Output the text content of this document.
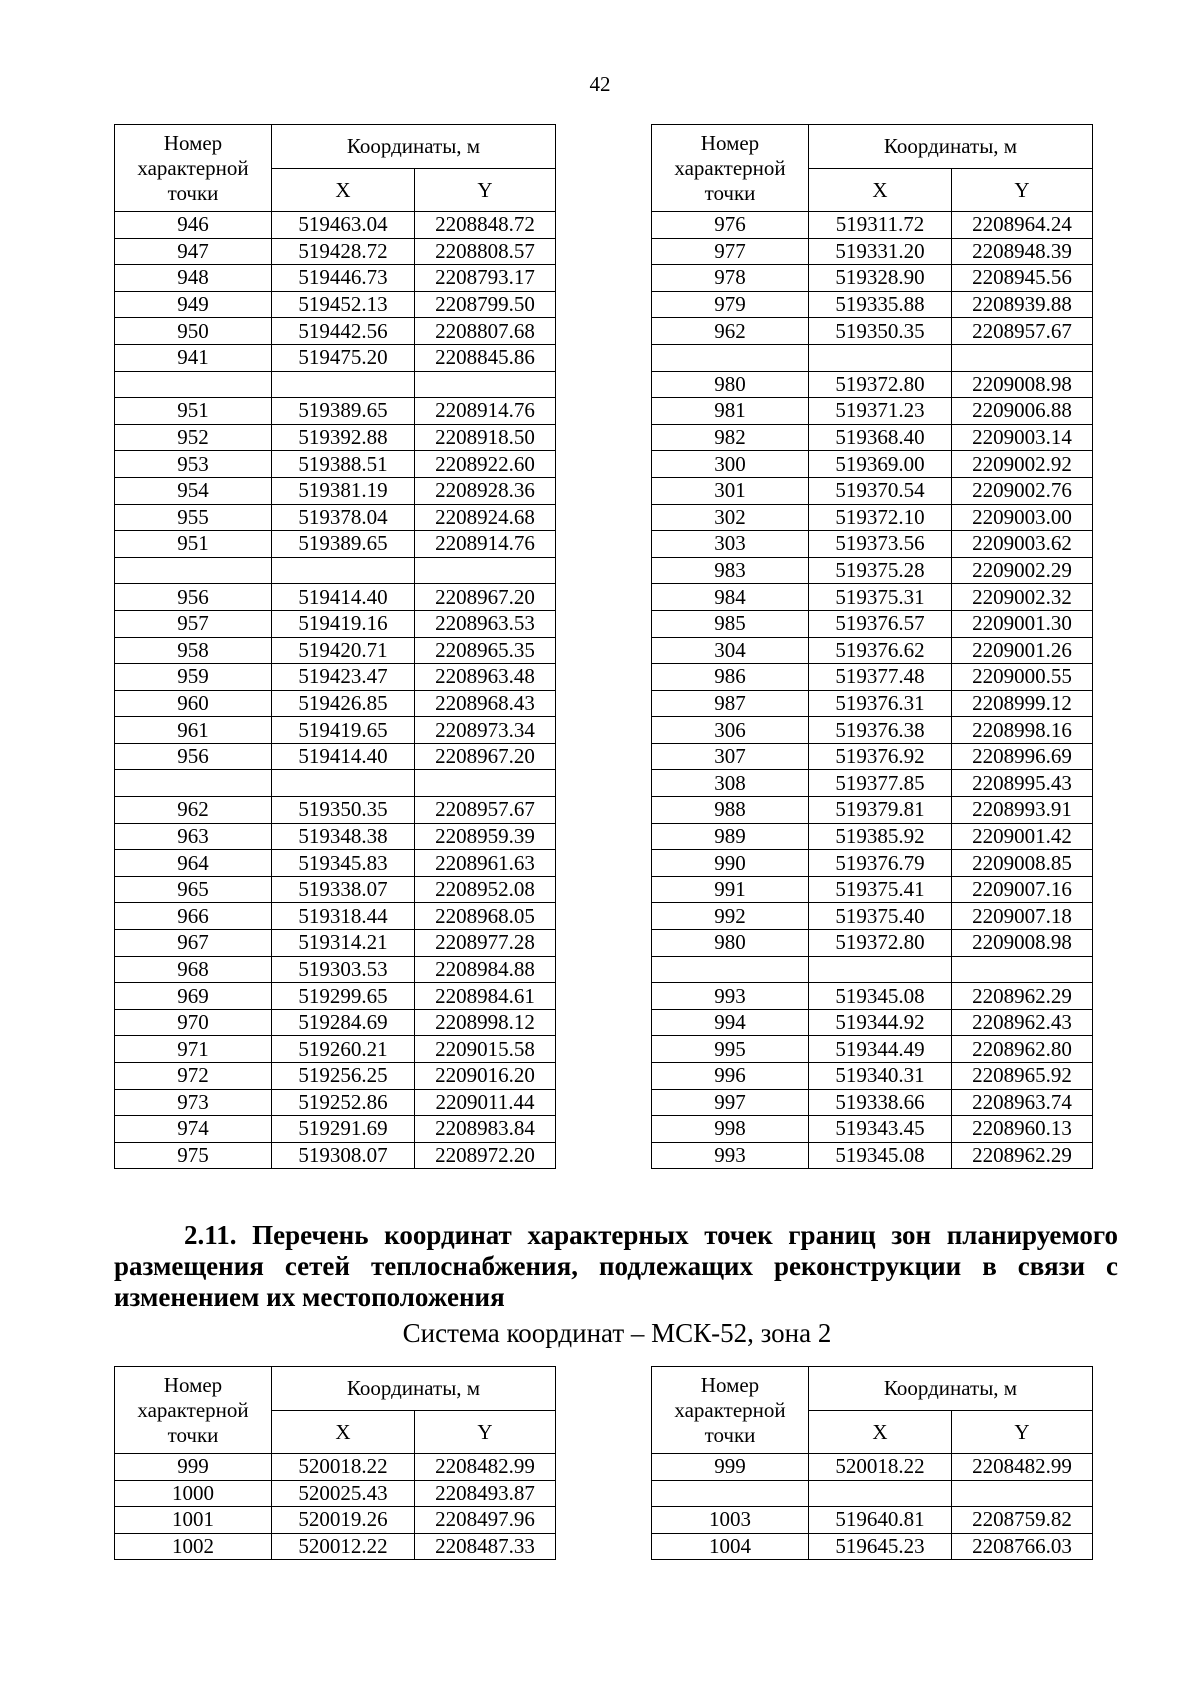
42
Номер характерной точки	Координаты, м	
	X	Y
946	519463.04	2208848.72
947	519428.72	2208808.57
948	519446.73	2208793.17
949	519452.13	2208799.50
950	519442.56	2208807.68
941	519475.20	2208845.86

951	519389.65	2208914.76
952	519392.88	2208918.50
953	519388.51	2208922.60
954	519381.19	2208928.36
955	519378.04	2208924.68
951	519389.65	2208914.76

956	519414.40	2208967.20
957	519419.16	2208963.53
958	519420.71	2208965.35
959	519423.47	2208963.48
960	519426.85	2208968.43
961	519419.65	2208973.34
956	519414.40	2208967.20

962	519350.35	2208957.67
963	519348.38	2208959.39
964	519345.83	2208961.63
965	519338.07	2208952.08
966	519318.44	2208968.05
967	519314.21	2208977.28
968	519303.53	2208984.88
969	519299.65	2208984.61
970	519284.69	2208998.12
971	519260.21	2209015.58
972	519256.25	2209016.20
973	519252.86	2209011.44
974	519291.69	2208983.84
975	519308.07	2208972.20
Номер характерной точки	Координаты, м	
	X	Y
976	519311.72	2208964.24
977	519331.20	2208948.39
978	519328.90	2208945.56
979	519335.88	2208939.88
962	519350.35	2208957.67

980	519372.80	2209008.98
981	519371.23	2209006.88
982	519368.40	2209003.14
300	519369.00	2209002.92
301	519370.54	2209002.76
302	519372.10	2209003.00
303	519373.56	2209003.62
983	519375.28	2209002.29
984	519375.31	2209002.32
985	519376.57	2209001.30
304	519376.62	2209001.26
986	519377.48	2209000.55
987	519376.31	2208999.12
306	519376.38	2208998.16
307	519376.92	2208996.69
308	519377.85	2208995.43
988	519379.81	2208993.91
989	519385.92	2209001.42
990	519376.79	2209008.85
991	519375.41	2209007.16
992	519375.40	2209007.18
980	519372.80	2209008.98

993	519345.08	2208962.29
994	519344.92	2208962.43
995	519344.49	2208962.80
996	519340.31	2208965.92
997	519338.66	2208963.74
998	519343.45	2208960.13
993	519345.08	2208962.29

2.11. Перечень координат характерных точек границ зон планируемого размещения сетей теплоснабжения, подлежащих реконструкции в связи с изменением их местоположения

Система координат – МСК-52, зона 2
Номер характерной точки	Координаты, м	
	X	Y
999	520018.22	2208482.99
1000	520025.43	2208493.87
1001	520019.26	2208497.96
1002	520012.22	2208487.33
Номер характерной точки	Координаты, м	
	X	Y
999	520018.22	2208482.99

1003	519640.81	2208759.82
1004	519645.23	2208766.03
